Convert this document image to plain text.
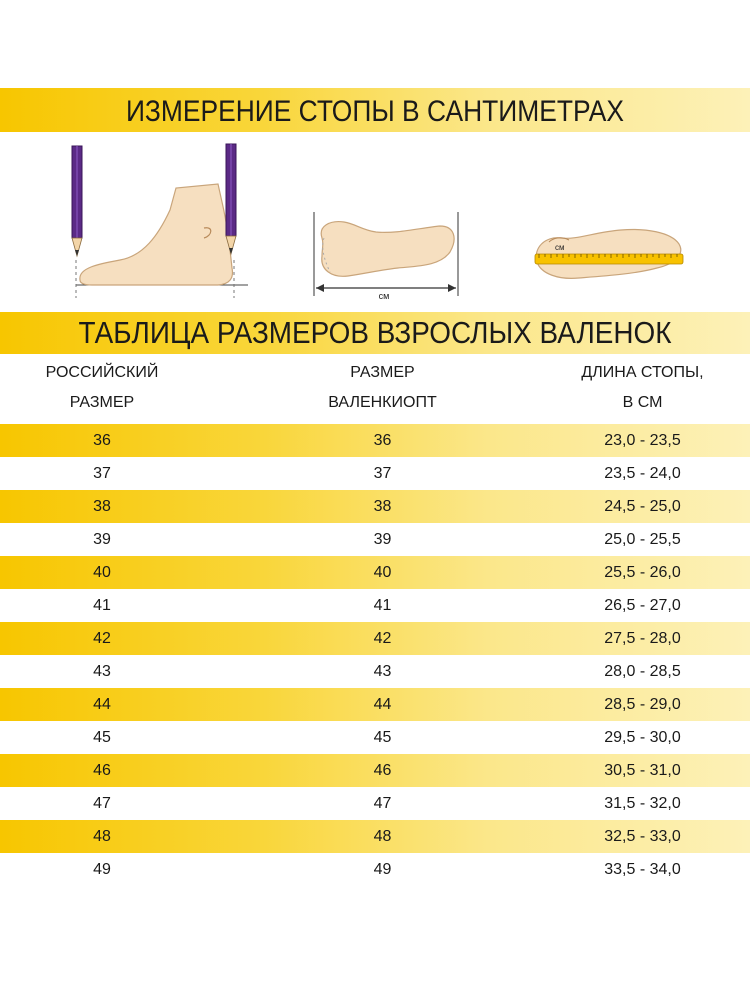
ИЗМЕРЕНИЕ СТОПЫ В САНТИМЕТРАХ
см
см
ТАБЛИЦА РАЗМЕРОВ ВЗРОСЛЫХ ВАЛЕНОК
РОССИЙСКИЙ
РАЗМЕР
РАЗМЕР
ВАЛЕНКИОПТ
ДЛИНА СТОПЫ,
В СМ
36	36	23,0 - 23,5
37	37	23,5 - 24,0
38	38	24,5 - 25,0
39	39	25,0 - 25,5
40	40	25,5 - 26,0
41	41	26,5 - 27,0
42	42	27,5 - 28,0
43	43	28,0 - 28,5
44	44	28,5 - 29,0
45	45	29,5 - 30,0
46	46	30,5 - 31,0
47	47	31,5 - 32,0
48	48	32,5 - 33,0
49	49	33,5 - 34,0
